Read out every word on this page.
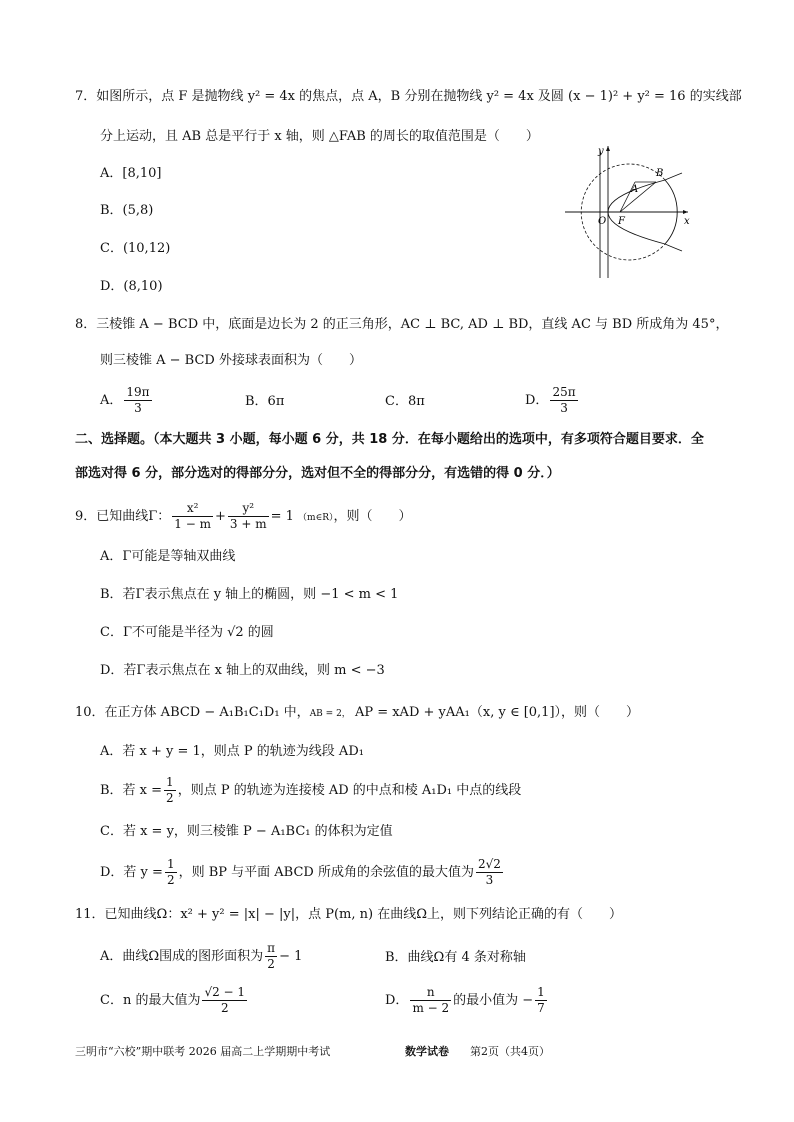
7．如图所示，点 F 是抛物线 y² = 4x 的焦点，点 A，B 分别在抛物线 y² = 4x 及圆 (x − 1)² + y² = 16 的实线部
分上运动，且 AB 总是平行于 x 轴，则 △FAB 的周长的取值范围是（　　）
A．[8,10]
B．(5,8)
C．(10,12)
D．(8,10)
y
x
O F
A
B
8．三棱锥 A − BCD 中，底面是边长为 2 的正三角形，AC ⊥ BC, AD ⊥ BD，直线 AC 与 BD 所成角为 45°，
则三棱锥 A − BCD 外接球表面积为（　　）
A． $\frac{19\pi}{3}$	B．6π	C．8π	D． $\frac{25\pi}{3}$
二、选择题。（本大题共 3 小题，每小题 6 分，共 18 分．在每小题给出的选项中，有多项符合题目要求．全
部选对得 6 分，部分选对的得部分分，选对但不全的得部分分，有选错的得 0 分．）
9．已知曲线Γ： $\frac{\text{x²}}{1 - m} + \frac{\text{y²}}{3 + m} = 1$ （m∈R），则（　　）
A．Γ可能是等轴双曲线
B．若Γ表示焦点在 y 轴上的椭圆，则 −1 < m < 1
C．Γ不可能是半径为 √2 的圆
D．若Γ表示焦点在 x 轴上的双曲线，则 m < −3
10．在正方体 ABCD − A₁B₁C₁D₁ 中，AB = 2， AP = xAD + yAA₁（x, y ∈ [0,1]），则（　　）
A．若 x + y = 1，则点 P 的轨迹为线段 AD₁
B．若 $x = \frac{1}{2}$ ，则点 P 的轨迹为连接棱 AD 的中点和棱 A₁D₁ 中点的线段
C．若 x = y，则三棱锥 P − A₁BC₁ 的体积为定值
D．若 $y = \frac{1}{2}$ ，则 BP 与平面 ABCD 所成角的余弦值的最大值为 $\frac{2√2}{3}$
11．已知曲线Ω：x² + y² = |x| − |y|，点 P(m, n) 在曲线Ω上，则下列结论正确的有（　　）
A．曲线Ω围成的图形面积为 $\frac{\pi}{2} - 1$	B．曲线Ω有 4 条对称轴
C．n 的最大值为 $\frac{√2 - 1}{2}$	D． $\frac{n}{m - 2}$ 的最小值为 − $\frac{1}{7}$
三明市“六校”期中联考 2026 届高二上学期期中考试	数学试卷 第2页（共4页）
